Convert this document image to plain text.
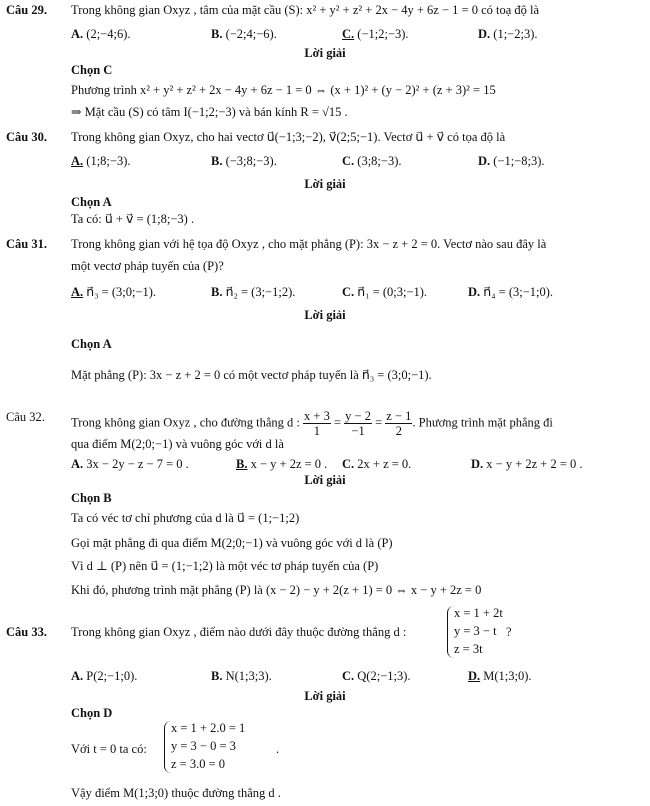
Câu 29. Trong không gian Oxyz , tâm của mặt cầu (S): x² + y² + z² + 2x − 4y + 6z − 1 = 0 có toạ độ là
A. (2;−4;6).	B. (−2;4;−6).	C. (−1;2;−3).	D. (1;−2;3).
Lời giải
Chọn C
Phương trình x² + y² + z² + 2x − 4y + 6z − 1 = 0 ⇔ (x + 1)² + (y − 2)² + (z + 3)² = 15
⇒ Mặt cầu (S) có tâm I(−1;2;−3) và bán kính R = √15 .
Câu 30. Trong không gian Oxyz, cho hai vectơ u⃗(−1;3;−2), v⃗(2;5;−1). Vectơ u⃗ + v⃗ có tọa độ là
A. (1;8;−3).	B. (−3;8;−3).	C. (3;8;−3).	D. (−1;−8;3).
Lời giải
Chọn A
Ta có: u⃗ + v⃗ = (1;8;−3) .
Câu 31. Trong không gian với hệ tọa độ Oxyz , cho mặt phẳng (P): 3x − z + 2 = 0. Vectơ nào sau đây là
một vectơ pháp tuyến của (P)?
A. n⃗₃ = (3;0;−1).	B. n⃗₂ = (3;−1;2).	C. n⃗₁ = (0;3;−1).	D. n⃗₄ = (3;−1;0).
Lời giải
Chọn A
Mặt phẳng (P): 3x − z + 2 = 0 có một vectơ pháp tuyến là n⃗₃ = (3;0;−1).
Câu 32. Trong không gian Oxyz , cho đường thẳng d : $\frac{x + 3}{1} = \frac{y - 2}{-1} = \frac{z - 1}{2}$ . Phương trình mặt phẳng đi
qua điểm M(2;0;−1) và vuông góc với d là
A. 3x − 2y − z − 7 = 0 .	B. x − y + 2z = 0 . C. 2x + z = 0.	D. x − y + 2z + 2 = 0 .
Lời giải
Chọn B
Ta có véc tơ chỉ phương của d là u⃗ = (1;−1;2)
Gọi mặt phẳng đi qua điểm M(2;0;−1) và vuông góc với d là (P)
Vì d ⊥ (P) nên u⃗ = (1;−1;2) là một véc tơ pháp tuyến của (P)
Khi đó, phương trình mặt phẳng (P) là (x − 2) − y + 2(z + 1) = 0 ⇔ x − y + 2z = 0
Câu 33. Trong không gian Oxyz , điểm nào dưới đây thuộc đường thẳng d :
x = 1 + 2t
y = 3 − t
z = 3t
?
A. P(2;−1;0).	B. N(1;3;3).	C. Q(2;−1;3).	D. M(1;3;0).
Lời giải
Chọn D
Với t = 0 ta có:
x = 1 + 2.0 = 1
y = 3 − 0 = 3
z = 3.0 = 0
.
Vậy điểm M(1;3;0) thuộc đường thẳng d .
